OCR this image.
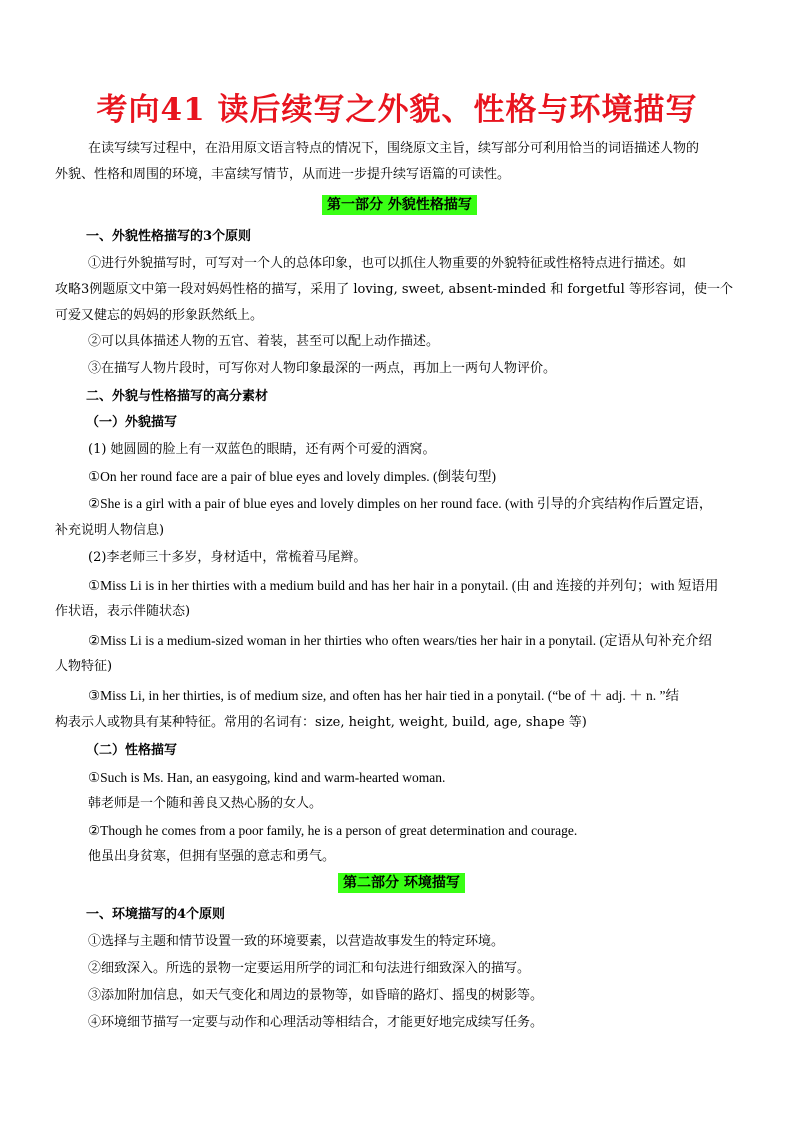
考向41 读后续写之外貌、性格与环境描写
在读写续写过程中，在沿用原文语言特点的情况下，围绕原文主旨，续写部分可利用恰当的词语描述人物的
外貌、性格和周围的环境，丰富续写情节，从而进一步提升续写语篇的可读性。
第一部分 外貌性格描写
一、外貌性格描写的3个原则
①进行外貌描写时，可写对一个人的总体印象，也可以抓住人物重要的外貌特征或性格特点进行描述。如
攻略3例题原文中第一段对妈妈性格的描写，采用了 loving, sweet, absent-minded 和 forgetful 等形容词，使一个
可爱又健忘的妈妈的形象跃然纸上。
②可以具体描述人物的五官、着装，甚至可以配上动作描述。
③在描写人物片段时，可写你对人物印象最深的一两点，再加上一两句人物评价。
二、外貌与性格描写的高分素材
（一）外貌描写
(1) 她圆圆的脸上有一双蓝色的眼睛，还有两个可爱的酒窝。
①On her round face are a pair of blue eyes and lovely dimples. (倒装句型)
②She is a girl with a pair of blue eyes and lovely dimples on her round face. (with 引导的介宾结构作后置定语，
补充说明人物信息)
(2)李老师三十多岁，身材适中，常梳着马尾辫。
①Miss Li is in her thirties with a medium build and has her hair in a ponytail. (由 and 连接的并列句；with 短语用
作状语，表示伴随状态)
②Miss Li is a medium-sized woman in her thirties who often wears/ties her hair in a ponytail. (定语从句补充介绍
人物特征)
③Miss Li, in her thirties, is of medium size, and often has her hair tied in a ponytail. (“be of ＋ adj. ＋ n. ”结
构表示人或物具有某种特征。常用的名词有：size, height, weight, build, age, shape 等)
（二）性格描写
①Such is Ms. Han, an easygoing, kind and warm-hearted woman.
韩老师是一个随和善良又热心肠的女人。
②Though he comes from a poor family, he is a person of great determination and courage.
他虽出身贫寒，但拥有坚强的意志和勇气。
第二部分 环境描写
一、环境描写的4个原则
①选择与主题和情节设置一致的环境要素，以营造故事发生的特定环境。
②细致深入。所选的景物一定要运用所学的词汇和句法进行细致深入的描写。
③添加附加信息，如天气变化和周边的景物等，如昏暗的路灯、摇曳的树影等。
④环境细节描写一定要与动作和心理活动等相结合，才能更好地完成续写任务。
